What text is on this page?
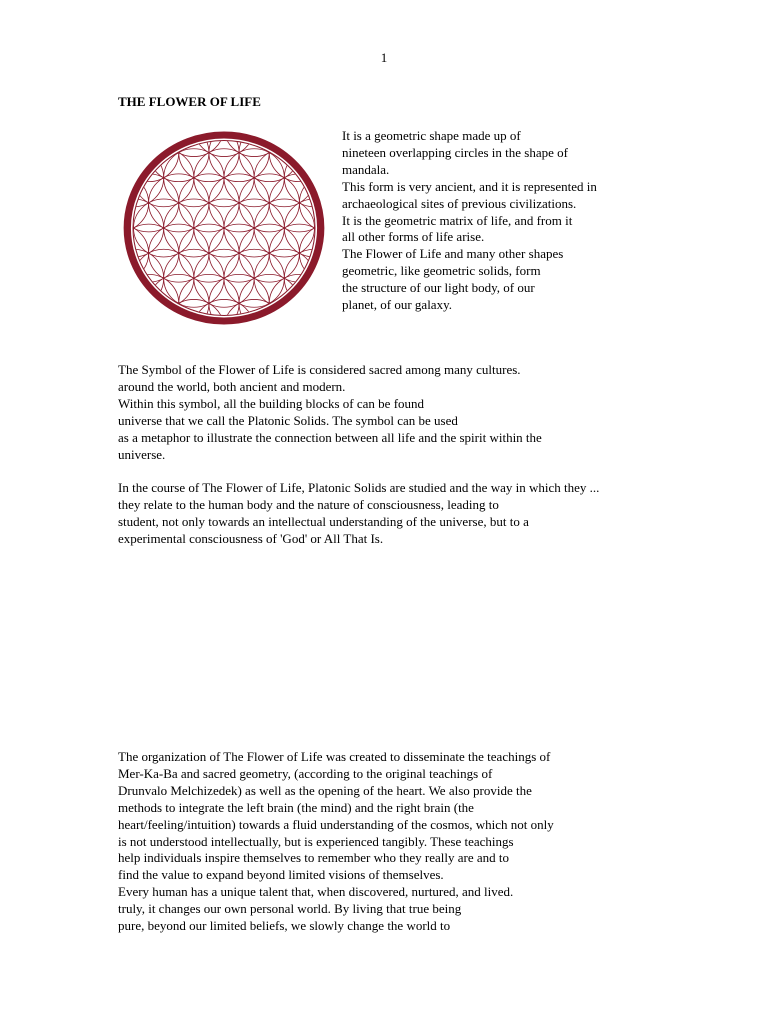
1
THE FLOWER OF LIFE
It is a geometric shape made up of
nineteen overlapping circles in the shape of
mandala.
This form is very ancient, and it is represented in
archaeological sites of previous civilizations.
It is the geometric matrix of life, and from it
all other forms of life arise.
The Flower of Life and many other shapes
geometric, like geometric solids, form
the structure of our light body, of our
planet, of our galaxy.
The Symbol of the Flower of Life is considered sacred among many cultures.
around the world, both ancient and modern.
Within this symbol, all the building blocks of can be found
universe that we call the Platonic Solids. The symbol can be used
as a metaphor to illustrate the connection between all life and the spirit within the
universe.
In the course of The Flower of Life, Platonic Solids are studied and the way in which they ...
they relate to the human body and the nature of consciousness, leading to
student, not only towards an intellectual understanding of the universe, but to a
experimental consciousness of 'God' or All That Is.
The organization of The Flower of Life was created to disseminate the teachings of
Mer-Ka-Ba and sacred geometry, (according to the original teachings of
Drunvalo Melchizedek) as well as the opening of the heart. We also provide the
methods to integrate the left brain (the mind) and the right brain (the
heart/feeling/intuition) towards a fluid understanding of the cosmos, which not only
is not understood intellectually, but is experienced tangibly. These teachings
help individuals inspire themselves to remember who they really are and to
find the value to expand beyond limited visions of themselves.
Every human has a unique talent that, when discovered, nurtured, and lived.
truly, it changes our own personal world. By living that true being
pure, beyond our limited beliefs, we slowly change the world to
